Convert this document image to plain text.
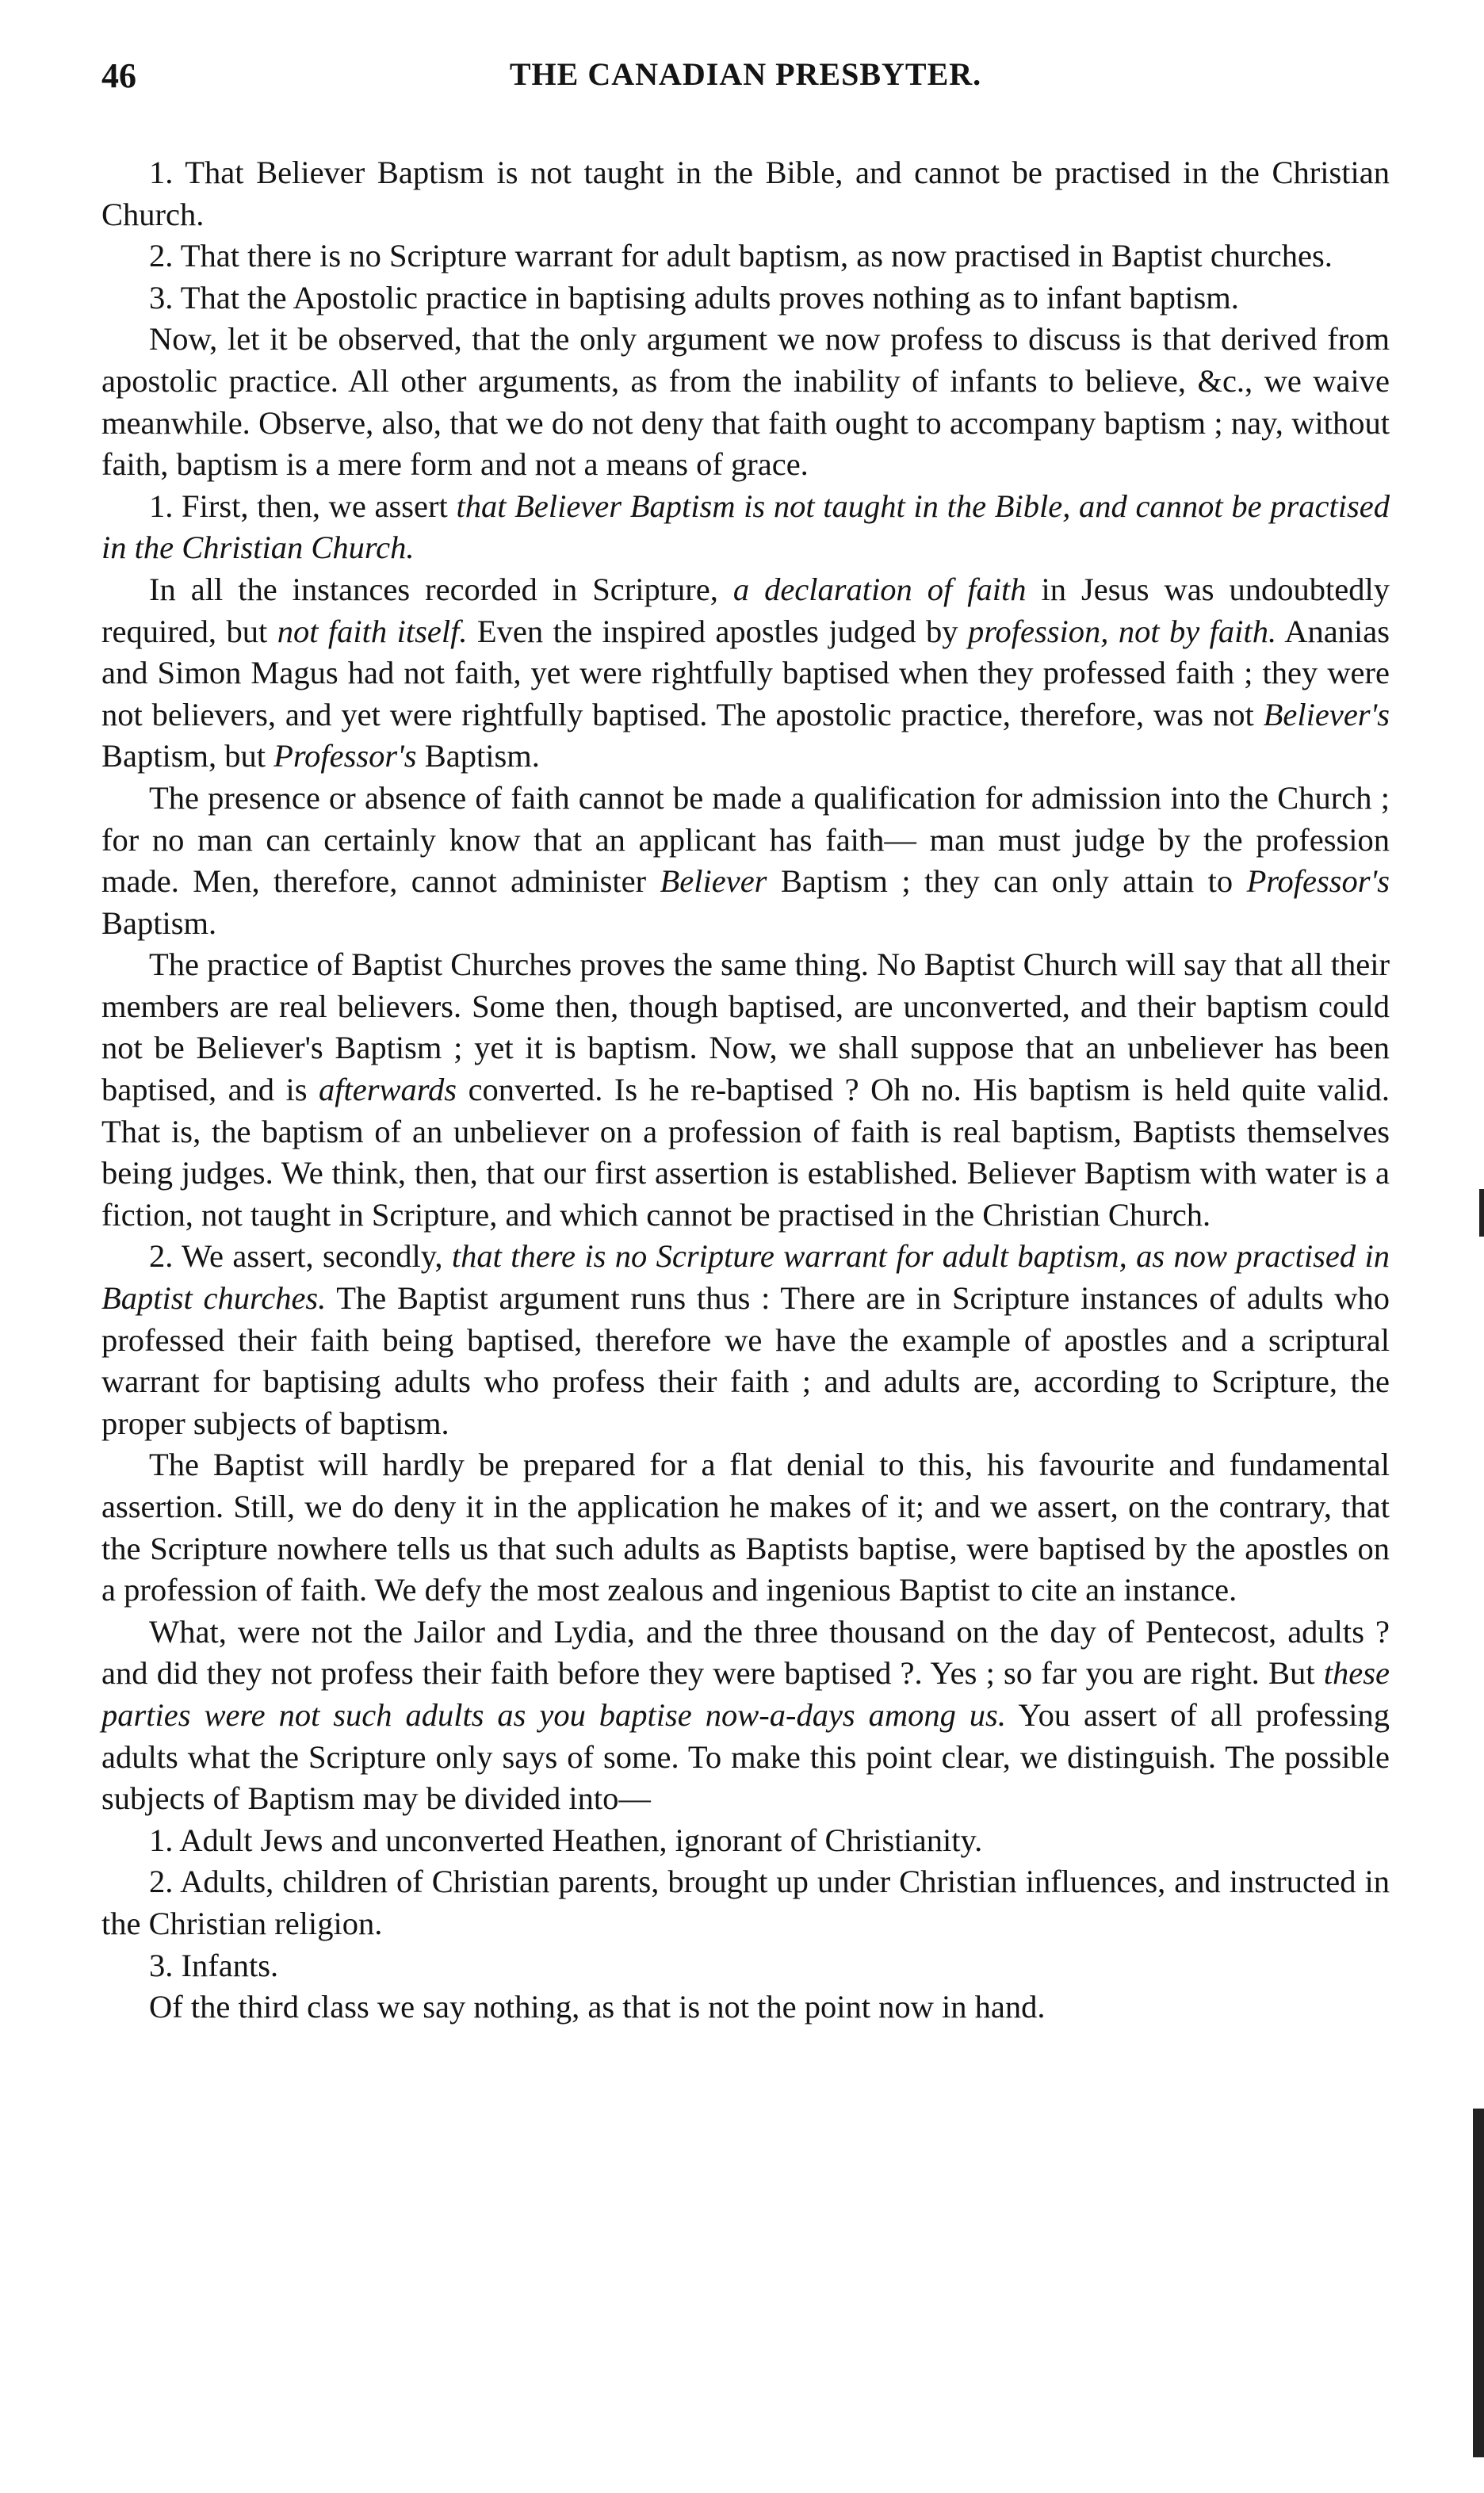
46	THE CANADIAN PRESBYTER.

1. That Believer Baptism is not taught in the Bible, and cannot be practised in the Christian Church.

2. That there is no Scripture warrant for adult baptism, as now practised in Baptist churches.

3. That the Apostolic practice in baptising adults proves nothing as to infant baptism.

Now, let it be observed, that the only argument we now profess to discuss is that derived from apostolic practice. All other arguments, as from the inability of infants to believe, &c., we waive meanwhile. Observe, also, that we do not deny that faith ought to accompany baptism ; nay, without faith, baptism is a mere form and not a means of grace.

1. First, then, we assert that Believer Baptism is not taught in the Bible, and cannot be practised in the Christian Church.

In all the instances recorded in Scripture, a declaration of faith in Jesus was undoubtedly required, but not faith itself. Even the inspired apostles judged by profession, not by faith. Ananias and Simon Magus had not faith, yet were rightfully baptised when they professed faith ; they were not believers, and yet were rightfully baptised. The apostolic practice, therefore, was not Believer's Baptism, but Professor's Baptism.

The presence or absence of faith cannot be made a qualification for admission into the Church ; for no man can certainly know that an applicant has faith— man must judge by the profession made. Men, therefore, cannot administer Believer Baptism ; they can only attain to Professor's Baptism.

The practice of Baptist Churches proves the same thing. No Baptist Church will say that all their members are real believers. Some then, though baptised, are unconverted, and their baptism could not be Believer's Baptism ; yet it is baptism. Now, we shall suppose that an unbeliever has been baptised, and is afterwards converted. Is he re-baptised ? Oh no. His baptism is held quite valid. That is, the baptism of an unbeliever on a profession of faith is real baptism, Baptists themselves being judges. We think, then, that our first assertion is established. Believer Baptism with water is a fiction, not taught in Scripture, and which cannot be practised in the Christian Church.

2. We assert, secondly, that there is no Scripture warrant for adult baptism, as now practised in Baptist churches. The Baptist argument runs thus : There are in Scripture instances of adults who professed their faith being baptised, therefore we have the example of apostles and a scriptural warrant for baptising adults who profess their faith ; and adults are, according to Scripture, the proper subjects of baptism.

The Baptist will hardly be prepared for a flat denial to this, his favourite and fundamental assertion. Still, we do deny it in the application he makes of it; and we assert, on the contrary, that the Scripture nowhere tells us that such adults as Baptists baptise, were baptised by the apostles on a profession of faith. We defy the most zealous and ingenious Baptist to cite an instance.

What, were not the Jailor and Lydia, and the three thousand on the day of Pentecost, adults ? and did they not profess their faith before they were baptised ?. Yes ; so far you are right. But these parties were not such adults as you baptise now-a-days among us. You assert of all professing adults what the Scripture only says of some. To make this point clear, we distinguish. The possible subjects of Baptism may be divided into—

1. Adult Jews and unconverted Heathen, ignorant of Christianity.

2. Adults, children of Christian parents, brought up under Christian influences, and instructed in the Christian religion.

3. Infants.

Of the third class we say nothing, as that is not the point now in hand.
